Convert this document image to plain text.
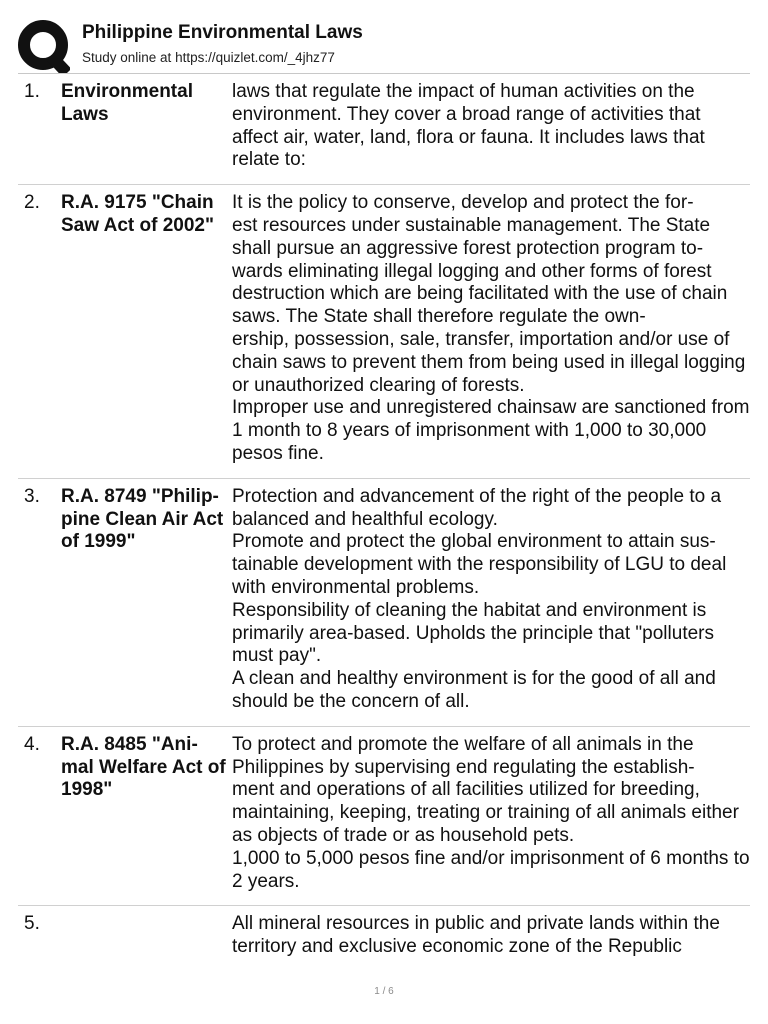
Philippine Environmental Laws
Study online at https://quizlet.com/_4jhz77
1. Environmental Laws
laws that regulate the impact of human activities on the environment. They cover a broad range of activities that affect air, water, land, flora or fauna. It includes laws that relate to:
2. R.A. 9175 "Chain Saw Act of 2002"
It is the policy to conserve, develop and protect the for-
est resources under sustainable management. The State shall pursue an aggressive forest protection program to-
wards eliminating illegal logging and other forms of forest destruction which are being facilitated with the use of chain saws. The State shall therefore regulate the own-
ership, possession, sale, transfer, importation and/or use of chain saws to prevent them from being used in illegal logging or unauthorized clearing of forests.
Improper use and unregistered chainsaw are sanctioned from 1 month to 8 years of imprisonment with 1,000 to 30,000 pesos fine.
3. R.A. 8749 "Philip-
pine Clean Air Act of 1999"
Protection and advancement of the right of the people to a balanced and healthful ecology.
Promote and protect the global environment to attain sus-
tainable development with the responsibility of LGU to deal with environmental problems.
Responsibility of cleaning the habitat and environment is primarily area-based. Upholds the principle that "polluters must pay".
A clean and healthy environment is for the good of all and should be the concern of all.
4. R.A. 8485 "Ani-
mal Welfare Act of 1998"
To protect and promote the welfare of all animals in the Philippines by supervising end regulating the establish-
ment and operations of all facilities utilized for breeding, maintaining, keeping, treating or training of all animals either as objects of trade or as household pets.
1,000 to 5,000 pesos fine and/or imprisonment of 6 months to 2 years.
5.	All mineral resources in public and private lands within the territory and exclusive economic zone of the Republic
1 / 6
